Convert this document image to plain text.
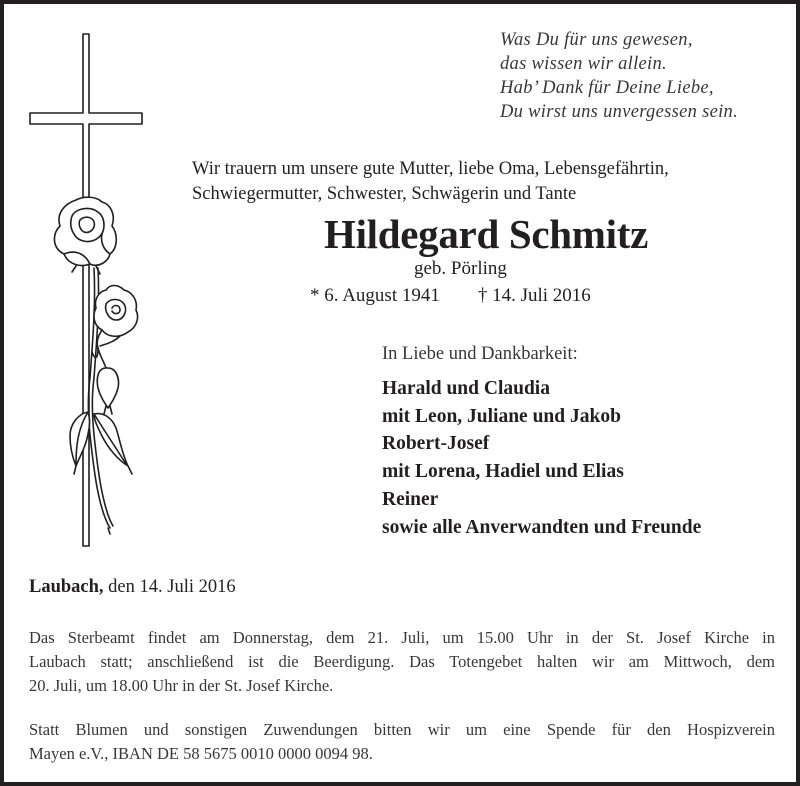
Was Du für uns gewesen,
das wissen wir allein.
Hab’ Dank für Deine Liebe,
Du wirst uns unvergessen sein.
Wir trauern um unsere gute Mutter, liebe Oma, Lebensgefährtin,
Schwiegermutter, Schwester, Schwägerin und Tante
Hildegard Schmitz
geb. Pörling
* 6. August 1941 † 14. Juli 2016
In Liebe und Dankbarkeit:
Harald und Claudia
mit Leon, Juliane und Jakob
Robert-Josef
mit Lorena, Hadiel und Elias
Reiner
sowie alle Anverwandten und Freunde
Laubach, den 14. Juli 2016
Das Sterbeamt findet am Donnerstag, dem 21. Juli, um 15.00 Uhr in der St. Josef Kirche in
Laubach statt; anschließend ist die Beerdigung. Das Totengebet halten wir am Mittwoch, dem
20. Juli, um 18.00 Uhr in der St. Josef Kirche.
Statt Blumen und sonstigen Zuwendungen bitten wir um eine Spende für den Hospizverein
Mayen e.V., IBAN DE 58 5675 0010 0000 0094 98.
